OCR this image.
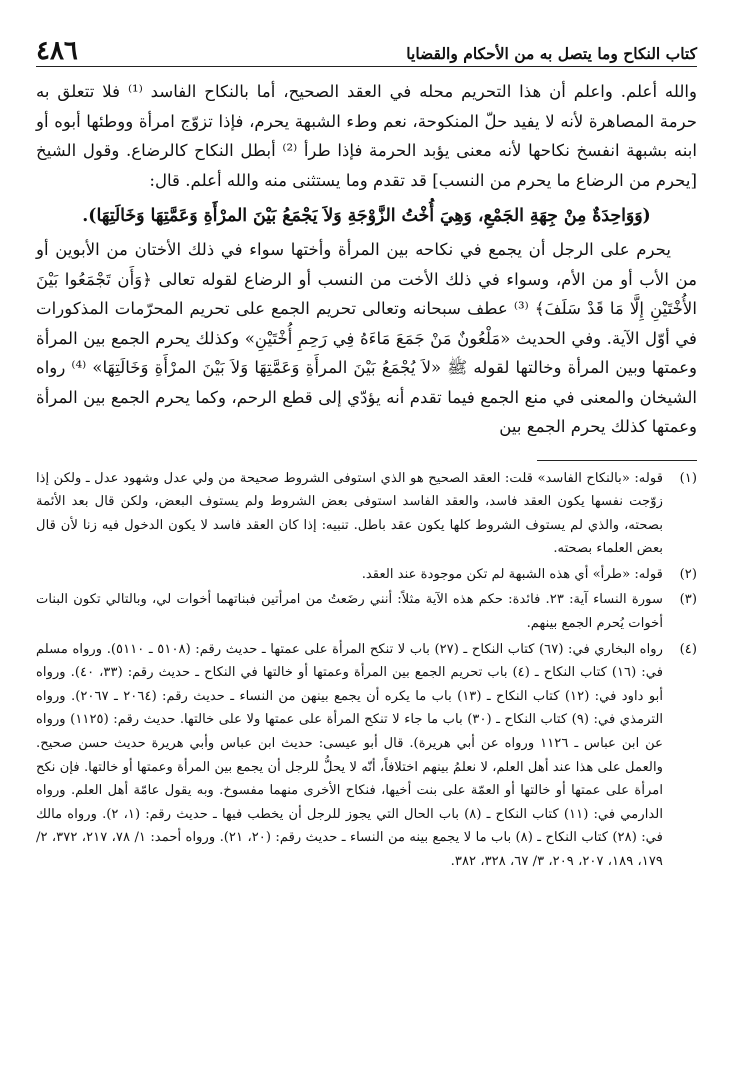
كتاب النكاح وما يتصل به من الأحكام والقضايا
٤٨٦

والله أعلم. واعلم أن هذا التحريم محله في العقد الصحيح، أما بالنكاح الفاسد ⁽¹⁾ فلا تتعلق به حرمة المصاهرة لأنه لا يفيد حلّ المنكوحة، نعم وطء الشبهة يحرم، فإذا تزوّج امرأة ووطئها أبوه أو ابنه بشبهة انفسخ نكاحها لأنه معنى يؤبد الحرمة فإذا طرأ ⁽²⁾ أبطل النكاح كالرضاع. وقول الشيخ [يحرم من الرضاع ما يحرم من النسب] قد تقدم وما يستثنى منه والله أعلم. قال:

(وَوَاحِدَةٌ مِنْ جِهَةِ الجَمْعِ، وَهِيَ أُخْتُ الزَّوْجَةِ وَلاَ يَجْمَعُ بَيْنَ المرْأَةِ وَعَمَّتِهَا وَخَالَتِهَا).

يحرم على الرجل أن يجمع في نكاحه بين المرأة وأختها سواء في ذلك الأختان من الأبوين أو من الأب أو من الأم، وسواء في ذلك الأخت من النسب أو الرضاع لقوله تعالى ﴿وَأَن تَجْمَعُوا بَيْنَ الأُخْتَيْنِ إِلَّا مَا قَدْ سَلَفَ﴾ ⁽³⁾ عطف سبحانه وتعالى تحريم الجمع على تحريم المحرّمات المذكورات في أوّل الآية. وفي الحديث «مَلْعُونٌ مَنْ جَمَعَ مَاءَهُ فِي رَحِمِ أُخْتَيْنِ» وكذلك يحرم الجمع بين المرأة وعمتها وبين المرأة وخالتها لقوله ﷺ «لاَ يُجْمَعُ بَيْنَ المرأَةِ وَعَمَّتِهَا وَلاَ بَيْنَ المرْأَةِ وَخَالَتِهَا» ⁽⁴⁾ رواه الشيخان والمعنى في منع الجمع فيما تقدم أنه يؤدّي إلى قطع الرحم، وكما يحرم الجمع بين المرأة وعمتها كذلك يحرم الجمع بين

(١)
قوله: «بالنكاح الفاسد» قلت: العقد الصحيح هو الذي استوفى الشروط صحيحة من ولي عدل وشهود عدل ـ ولكن إذا زوّجت نفسها يكون العقد فاسد، والعقد الفاسد استوفى بعض الشروط ولم يستوف البعض، ولكن قال بعد الأئمة بصحته، والذي لم يستوف الشروط كلها يكون عقد باطل. تنبيه: إذا كان العقد فاسد لا يكون الدخول فيه زنا لأن قال بعض العلماء بصحته.
(٢)
قوله: «طرأ» أي هذه الشبهة لم تكن موجودة عند العقد.
(٣)
سورة النساء آية: ٢٣. فائدة: حكم هذه الآية مثلاً: أنني رضَعتُ من امرأتين فبناتهما أخوات لي، وبالتالي تكون البنات أخوات يُحرم الجمع بينهم.
(٤)
رواه البخاري في: (٦٧) كتاب النكاح ـ (٢٧) باب لا تنكح المرأة على عمتها ـ حديث رقم: (٥١٠٨ ـ ٥١١٠). ورواه مسلم في: (١٦) كتاب النكاح ـ (٤) باب تحريم الجمع بين المرأة وعمتها أو خالتها في النكاح ـ حديث رقم: (٣٣، ٤٠). ورواه أبو داود في: (١٢) كتاب النكاح ـ (١٣) باب ما يكره أن يجمع بينهن من النساء ـ حديث رقم: (٢٠٦٤ ـ ٢٠٦٧). ورواه الترمذي في: (٩) كتاب النكاح ـ (٣٠) باب ما جاء لا تنكح المرأة على عمتها ولا على خالتها. حديث رقم: (١١٢٥) ورواه عن ابن عباس ـ ١١٢٦ ورواه عن أبي هريرة). قال أبو عيسى: حديث ابن عباس وأبي هريرة حديث حسن صحيح. والعمل على هذا عند أهل العلم، لا نعلمُ بينهم اختلافاً، أنّه لا يحلُّ للرجل أن يجمع بين المرأة وعمتها أو خالتها. فإن نكح امرأة على عمتها أو خالتها أو العمّة على بنت أخيها، فنكاح الأخرى منهما مفسوخ. وبه يقول عامّة أهل العلم. ورواه الدارمي في: (١١) كتاب النكاح ـ (٨) باب الحال التي يجوز للرجل أن يخطب فيها ـ حديث رقم: (١، ٢). ورواه مالك في: (٢٨) كتاب النكاح ـ (٨) باب ما لا يجمع بينه من النساء ـ حديث رقم: (٢٠، ٢١). ورواه أحمد: ١/ ٧٨، ٢١٧، ٣٧٢، ٢/ ١٧٩، ١٨٩، ٢٠٧، ٢٠٩، ٣/ ٦٧، ٣٢٨، ٣٨٢.
